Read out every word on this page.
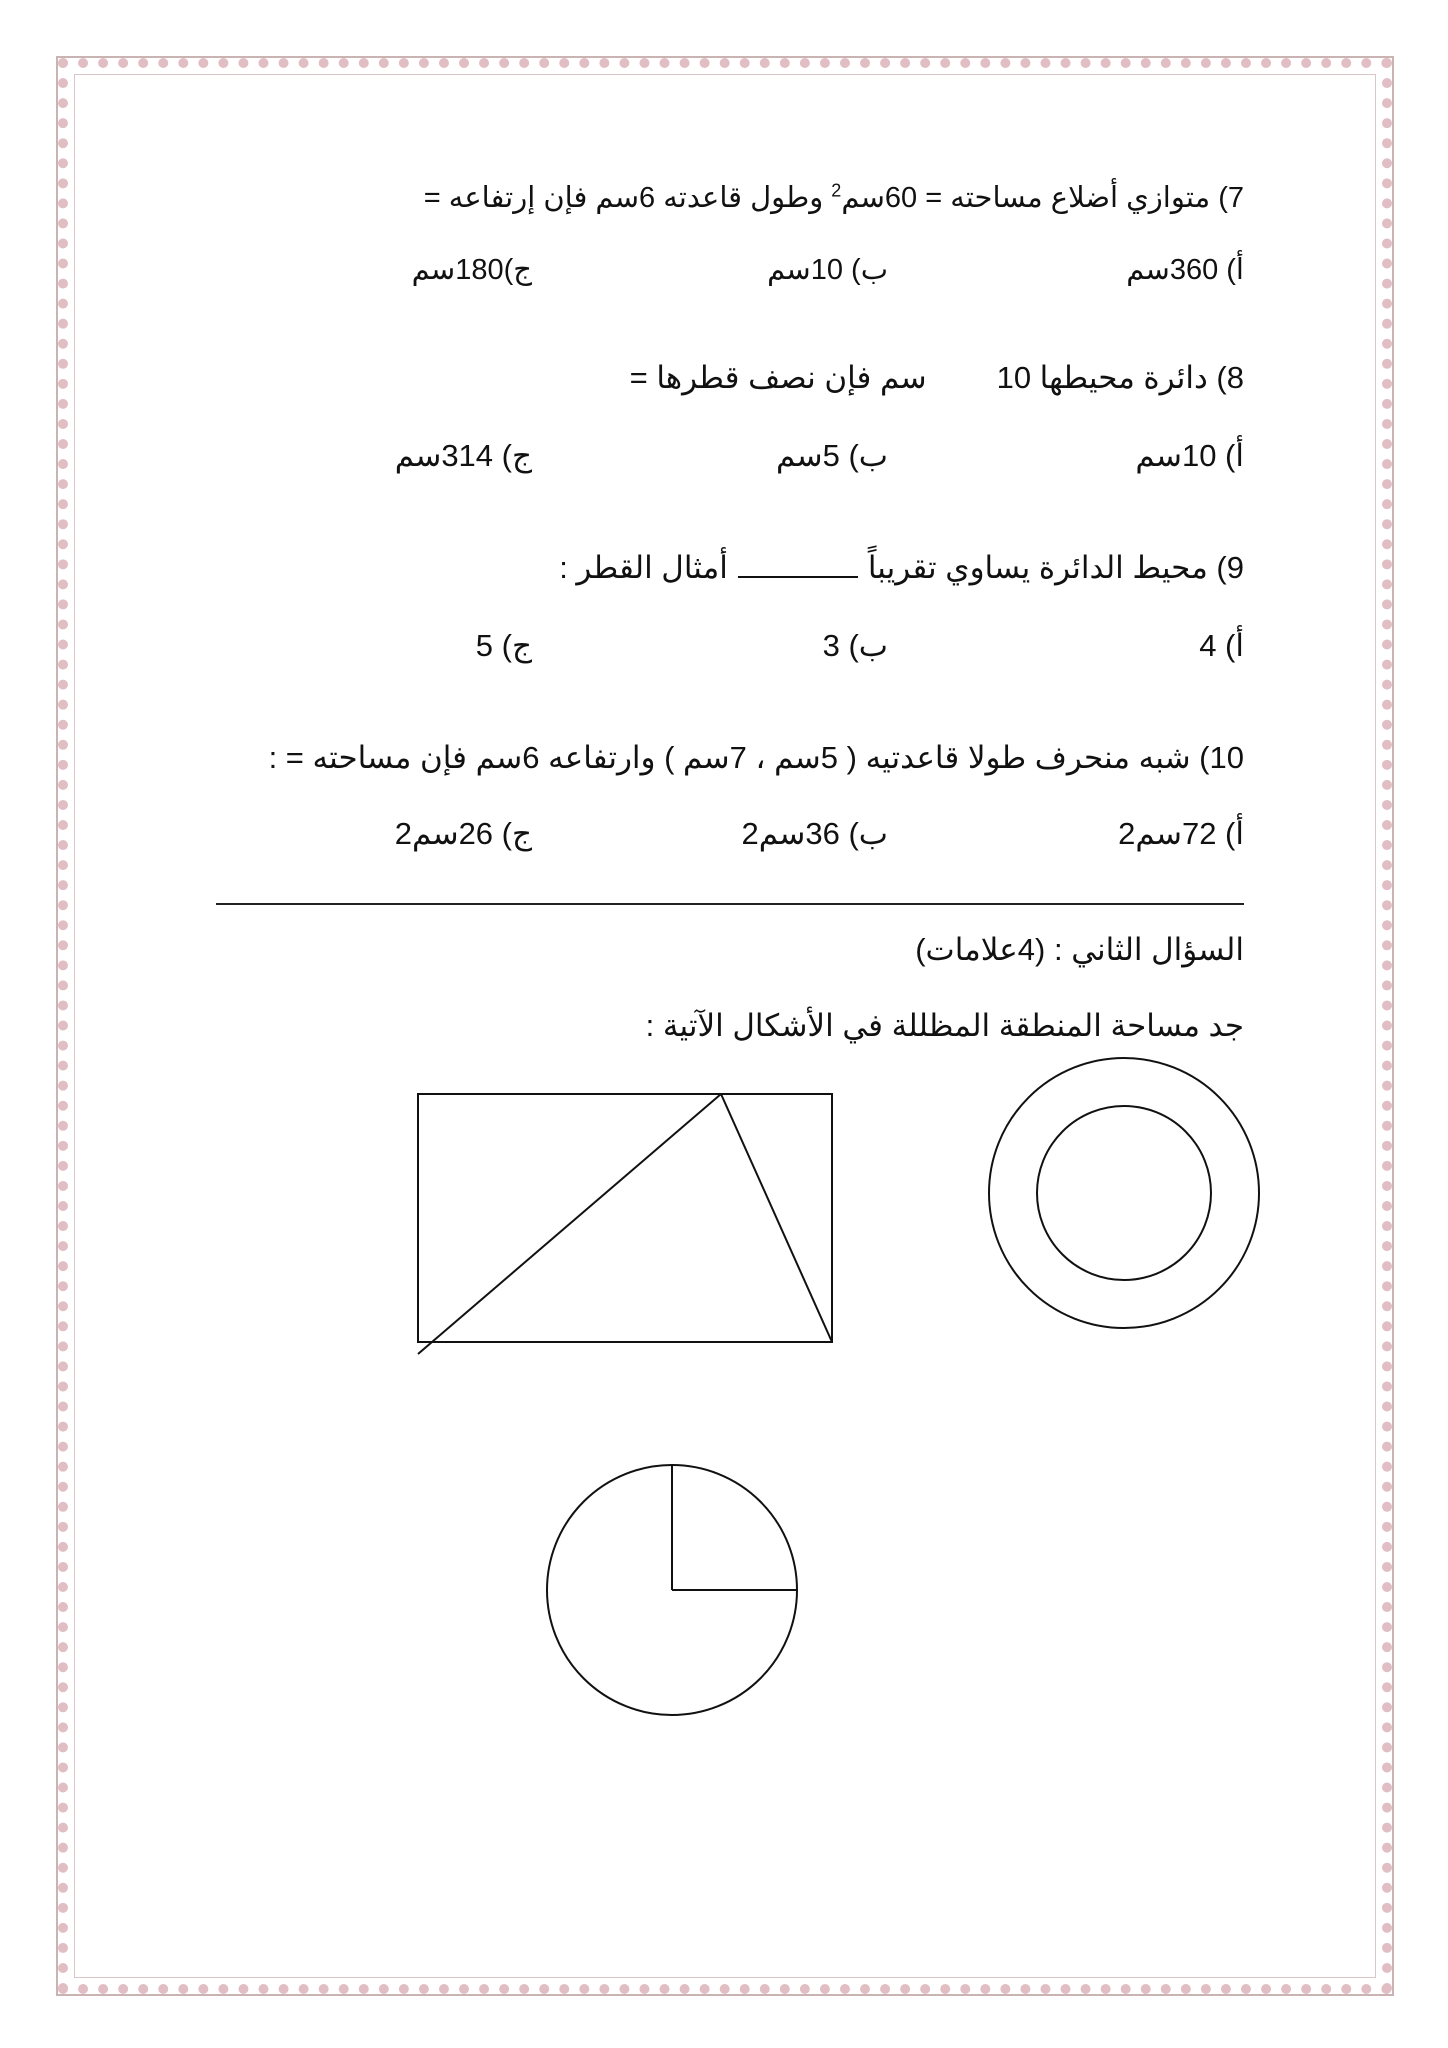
7) متوازي أضلاع مساحته = 60سم$^2$ وطول قاعدته 6سم فإن إرتفاعه =
أ) 360سم
ب) 10سم
ج)180سم
8) دائرة محيطها 10سم فإن نصف قطرها =
أ) 10سم
ب) 5سم
ج) 314سم
9) محيط الدائرة يساوي تقريباًأمثال القطر :
أ) 4
ب) 3
ج) 5
10) شبه منحرف طولا قاعدتيه ( 5سم ، 7سم ) وارتفاعه 6سم فإن مساحته = :
أ) 72سم2
ب) 36سم2
ج) 26سم2
السؤال الثاني : (4علامات)
جد مساحة المنطقة المظللة في الأشكال الآتية :
